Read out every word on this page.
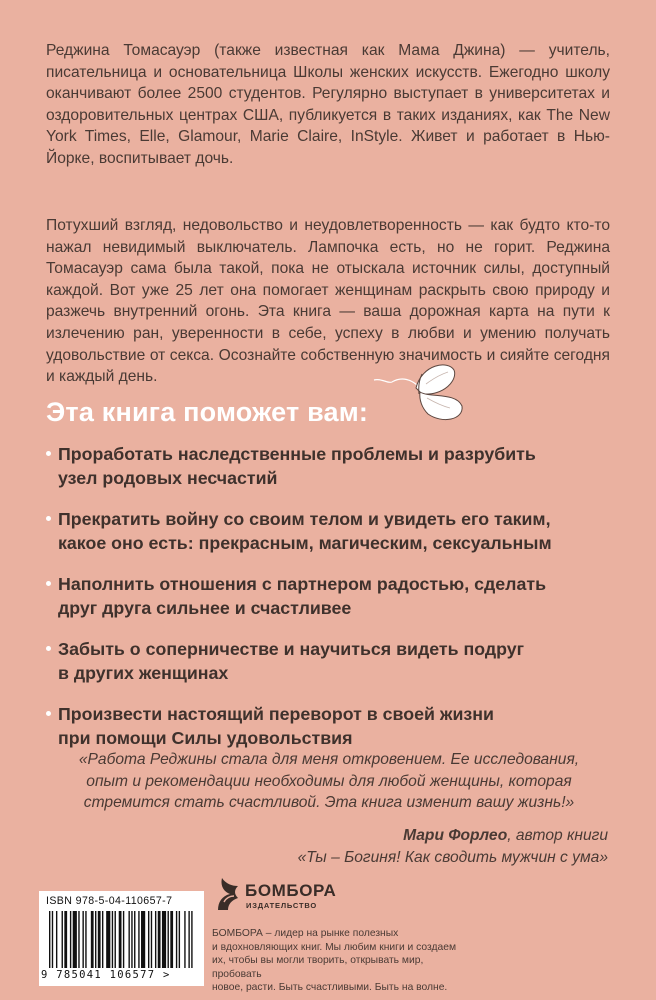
Реджина Томасауэр (также известная как Мама Джина) — учитель, писательница и основательница Школы женских искусств. Ежегодно школу оканчивают более 2500 студентов. Регулярно выступает в университетах и оздоровительных центрах США, публикуется в таких изданиях, как The New York Times, Elle, Glamour, Marie Claire, InStyle. Живет и работает в Нью-Йорке, воспитывает дочь.
Потухший взгляд, недовольство и неудовлетворенность — как будто кто-то нажал невидимый выключатель. Лампочка есть, но не горит. Реджина Томасауэр сама была такой, пока не отыскала источник силы, доступный каждой. Вот уже 25 лет она помогает женщинам раскрыть свою природу и разжечь внутренний огонь. Эта книга — ваша дорожная карта на пути к излечению ран, уверенности в себе, успеху в любви и умению получать удовольствие от секса. Осознайте собственную значимость и сияйте сегодня и каждый день.
Эта книга поможет вам:
Проработать наследственные проблемы и разрубить
узел родовых несчастий
Прекратить войну со своим телом и увидеть его таким,
какое оно есть: прекрасным, магическим, сексуальным
Наполнить отношения с партнером радостью, сделать
друг друга сильнее и счастливее
Забыть о соперничестве и научиться видеть подруг
в других женщинах
Произвести настоящий переворот в своей жизни
при помощи Силы удовольствия
«Работа Реджины стала для меня откровением. Ее исследования,
опыт и рекомендации необходимы для любой женщины, которая
стремится стать счастливой. Эта книга изменит вашу жизнь!»
Мари Форлео, автор книги
«Ты – Богиня! Как сводить мужчин с ума»
ISBN 978-5-04-110657-7
9 785041 106577 >
БОМБОРА
ИЗДАТЕЛЬСТВО
БОМБОРА – лидер на рынке полезных
и вдохновляющих книг. Мы любим книги и создаем
их, чтобы вы могли творить, открывать мир, пробовать
новое, расти. Быть счастливыми. Быть на волне.
